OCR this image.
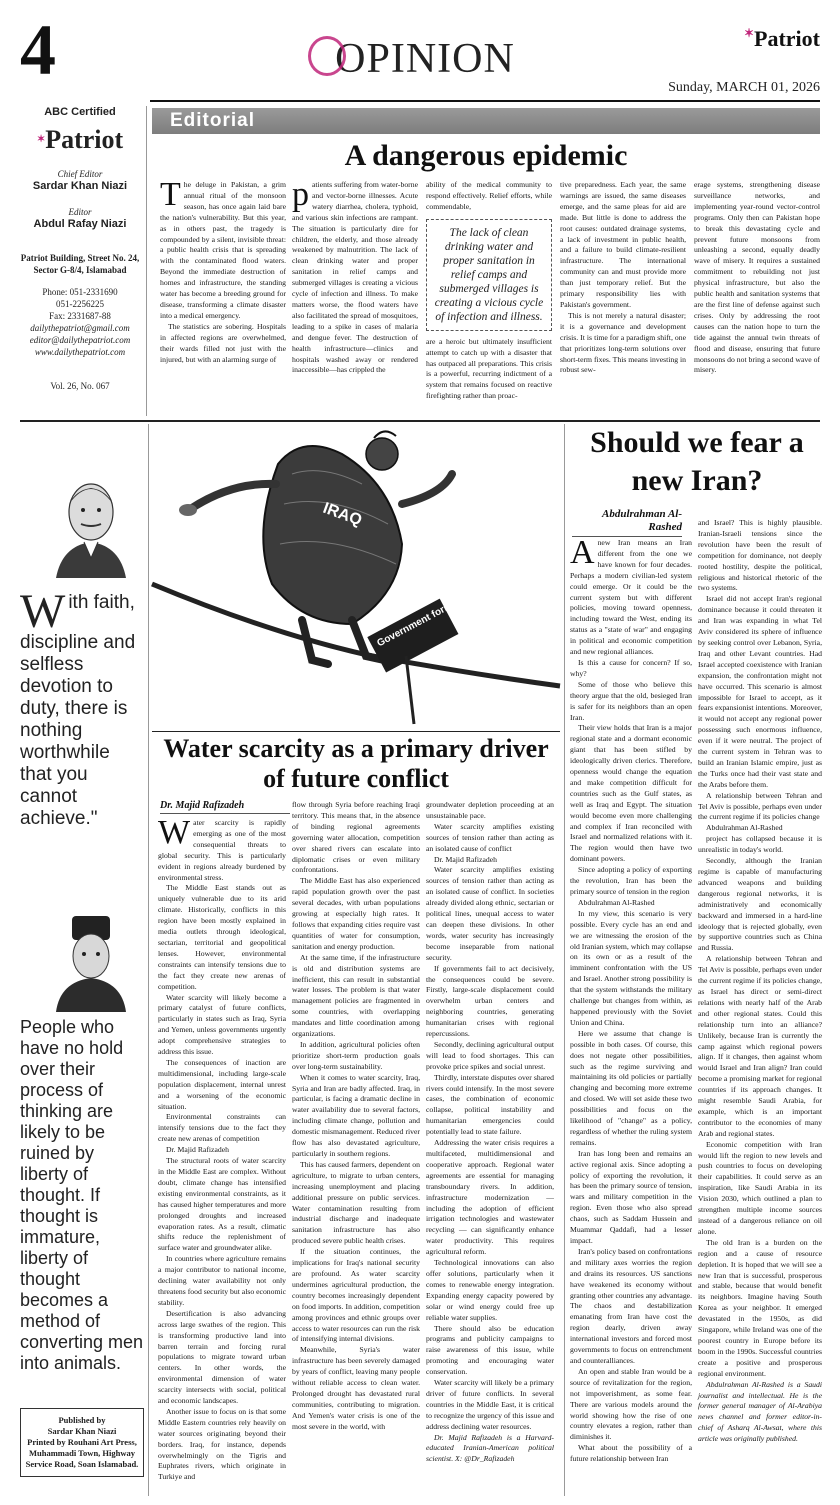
4	OPINION
✶Patriot
Sunday, MARCH 01, 2026
ABC Certified
✶Patriot
Chief Editor
Sardar Khan Niazi
Editor
Abdul Rafay Niazi
Patriot Building, Street No. 24, Sector G-8/4, Islamabad
Phone: 051-2331690
051-2256225
Fax: 2331687-88
dailythepatriot@gmail.com
editor@dailythepatriot.com
www.dailythepatriot.com
Vol. 26, No. 067
Editorial
A dangerous epidemic

The deluge in Pakistan, a grim annual ritual of the monsoon season, has once again laid bare the nation's vulnerability. But this year, as in others past, the tragedy is compounded by a silent, invisible threat: a public health crisis that is spreading with the contaminated flood waters. Beyond the immediate destruction of homes and infrastructure, the standing water has become a breeding ground for disease, transforming a climate disaster into a medical emergency.

The statistics are sobering. Hospitals in affected regions are overwhelmed, their wards filled not just with the injured, but with an alarming surge of

patients suffering from water-borne and vector-borne illnesses. Acute watery diarrhea, cholera, typhoid, and various skin infections are rampant. The situation is particularly dire for children, the elderly, and those already weakened by malnutrition. The lack of clean drinking water and proper sanitation in relief camps and submerged villages is creating a vicious cycle of infection and illness. To make matters worse, the flood waters have also facilitated the spread of mosquitoes, leading to a spike in cases of malaria and dengue fever. The destruction of health infrastructure—clinics and hospitals washed away or rendered inaccessible—has crippled the

ability of the medical community to respond effectively. Relief efforts, while commendable,

The lack of clean drinking water and proper sanitation in relief camps and submerged villages is creating a vicious cycle of infection and illness.

are a heroic but ultimately insufficient attempt to catch up with a disaster that has outpaced all preparations. This crisis is a powerful, recurring indictment of a system that remains focused on reactive firefighting rather than proac-

tive preparedness. Each year, the same warnings are issued, the same diseases emerge, and the same pleas for aid are made. But little is done to address the root causes: outdated drainage systems, a lack of investment in public health, and a failure to build climate-resilient infrastructure. The international community can and must provide more than just temporary relief. But the primary responsibility lies with Pakistan's government.

This is not merely a natural disaster; it is a governance and development crisis. It is time for a paradigm shift, one that prioritizes long-term solutions over short-term fixes. This means investing in robust sew-

erage systems, strengthening disease surveillance networks, and implementing year-round vector-control programs. Only then can Pakistan hope to break this devastating cycle and prevent future monsoons from unleashing a second, equally deadly wave of misery. It requires a sustained commitment to rebuilding not just physical infrastructure, but also the public health and sanitation systems that are the first line of defense against such crises. Only by addressing the root causes can the nation hope to turn the tide against the annual twin threats of flood and disease, ensuring that future monsoons do not bring a second wave of misery.

With faith, discipline and selfless devotion to duty, there is nothing worthwhile that you cannot achieve."
People who have no hold over their process of thinking are likely to be ruined by liberty of thought. If thought is immature, liberty of thought becomes a method of converting men into animals.
Published by
Sardar Khan Niazi
Printed by Rouhani Art Press, Muhammadi Town, Highway Service Road, Soan Islamabad.
IRAQ
Government formation
Water scarcity as a primary driver of future conflict
Dr. Majid Rafizadeh

Water scarcity is rapidly emerging as one of the most consequential threats to global security. This is particularly evident in regions already burdened by environmental stress.

The Middle East stands out as uniquely vulnerable due to its arid climate. Historically, conflicts in this region have been mostly explained in media outlets through ideological, sectarian, territorial and geopolitical lenses. However, environmental constraints can intensify tensions due to the fact they create new arenas of competition.

Water scarcity will likely become a primary catalyst of future conflicts, particularly in states such as Iraq, Syria and Yemen, unless governments urgently adopt comprehensive strategies to address this issue.

The consequences of inaction are multidimensional, including large-scale population displacement, internal unrest and a worsening of the economic situation.

Environmental constraints can intensify tensions due to the fact they create new arenas of competition

Dr. Majid Rafizadeh

The structural roots of water scarcity in the Middle East are complex. Without doubt, climate change has intensified existing environmental constraints, as it has caused higher temperatures and more prolonged droughts and increased evaporation rates. As a result, climatic shifts reduce the replenishment of surface water and groundwater alike.

In countries where agriculture remains a major contributor to national income, declining water availability not only threatens food security but also economic stability.

Desertification is also advancing across large swathes of the region. This is transforming productive land into barren terrain and forcing rural populations to migrate toward urban centers. In other words, the environmental dimension of water scarcity intersects with social, political and economic landscapes.

Another issue to focus on is that some Middle Eastern countries rely heavily on water sources originating beyond their borders. Iraq, for instance, depends overwhelmingly on the Tigris and Euphrates rivers, which originate in Turkiye and

flow through Syria before reaching Iraqi territory. This means that, in the absence of binding regional agreements governing water allocation, competition over shared rivers can escalate into diplomatic crises or even military confrontations.

The Middle East has also experienced rapid population growth over the past several decades, with urban populations growing at especially high rates. It follows that expanding cities require vast quantities of water for consumption, sanitation and energy production.

At the same time, if the infrastructure is old and distribution systems are inefficient, this can result in substantial water losses. The problem is that water management policies are fragmented in some countries, with overlapping mandates and little coordination among organizations.

In addition, agricultural policies often prioritize short-term production goals over long-term sustainability.

When it comes to water scarcity, Iraq, Syria and Iran are badly affected. Iraq, in particular, is facing a dramatic decline in water availability due to several factors, including climate change, pollution and domestic mismanagement. Reduced river flow has also devastated agriculture, particularly in southern regions.

This has caused farmers, dependent on agriculture, to migrate to urban centers, increasing unemployment and placing additional pressure on public services. Water contamination resulting from industrial discharge and inadequate sanitation infrastructure has also produced severe public health crises.

If the situation continues, the implications for Iraq's national security are profound. As water scarcity undermines agricultural production, the country becomes increasingly dependent on food imports. In addition, competition among provinces and ethnic groups over access to water resources can run the risk of intensifying internal divisions.

Meanwhile, Syria's water infrastructure has been severely damaged by years of conflict, leaving many people without reliable access to clean water. Prolonged drought has devastated rural communities, contributing to migration. And Yemen's water crisis is one of the most severe in the world, with

groundwater depletion proceeding at an unsustainable pace.

Water scarcity amplifies existing sources of tension rather than acting as an isolated cause of conflict

Dr. Majid Rafizadeh

Water scarcity amplifies existing sources of tension rather than acting as an isolated cause of conflict. In societies already divided along ethnic, sectarian or political lines, unequal access to water can deepen these divisions. In other words, water security has increasingly become inseparable from national security.

If governments fail to act decisively, the consequences could be severe. Firstly, large-scale displacement could overwhelm urban centers and neighboring countries, generating humanitarian crises with regional repercussions.

Secondly, declining agricultural output will lead to food shortages. This can provoke price spikes and social unrest.

Thirdly, interstate disputes over shared rivers could intensify. In the most severe cases, the combination of economic collapse, political instability and humanitarian emergencies could potentially lead to state failure.

Addressing the water crisis requires a multifaceted, multidimensional and cooperative approach. Regional water agreements are essential for managing transboundary rivers. In addition, infrastructure modernization — including the adoption of efficient irrigation technologies and wastewater recycling — can significantly enhance water productivity. This requires agricultural reform.

Technological innovations can also offer solutions, particularly when it comes to renewable energy integration. Expanding energy capacity powered by solar or wind energy could free up reliable water supplies.

There should also be education programs and publicity campaigns to raise awareness of this issue, while promoting and encouraging water conservation.

Water scarcity will likely be a primary driver of future conflicts. In several countries in the Middle East, it is critical to recognize the urgency of this issue and address declining water resources.

Dr. Majid Rafizadeh is a Harvard-educated Iranian-American political scientist. X: @Dr_Rafizadeh

Should we fear a new Iran?
Abdulrahman Al-Rashed

Anew Iran means an Iran different from the one we have known for four decades. Perhaps a modern civilian-led system could emerge. Or it could be the current system but with different policies, moving toward openness, including toward the West, ending its status as a "state of war" and engaging in political and economic competition and new regional alliances.

Is this a cause for concern? If so, why?

Some of those who believe this theory argue that the old, besieged Iran is safer for its neighbors than an open Iran.

Their view holds that Iran is a major regional state and a dormant economic giant that has been stifled by ideologically driven clerics. Therefore, openness would change the equation and make competition difficult for countries such as the Gulf states, as well as Iraq and Egypt. The situation would become even more challenging and complex if Iran reconciled with Israel and normalized relations with it. The region would then have two dominant powers.

Since adopting a policy of exporting the revolution, Iran has been the primary source of tension in the region

Abdulrahman Al-Rashed

In my view, this scenario is very possible. Every cycle has an end and we are witnessing the erosion of the old Iranian system, which may collapse on its own or as a result of the imminent confrontation with the US and Israel. Another strong possibility is that the system withstands the military challenge but changes from within, as happened previously with the Soviet Union and China.

Here we assume that change is possible in both cases. Of course, this does not negate other possibilities, such as the regime surviving and maintaining its old policies or partially changing and becoming more extreme and closed. We will set aside these two possibilities and focus on the likelihood of "change" as a policy, regardless of whether the ruling system remains.

Iran has long been and remains an active regional axis. Since adopting a policy of exporting the revolution, it has been the primary source of tension, wars and military competition in the region. Even those who also spread chaos, such as Saddam Hussein and Muammar Qaddafi, had a lesser impact.

Iran's policy based on confrontations and military axes worries the region and drains its resources. US sanctions have weakened its economy without granting other countries any advantage. The chaos and destabilization emanating from Iran have cost the region dearly, driven away international investors and forced most governments to focus on entrenchment and counteralliances.

An open and stable Iran would be a source of revitalization for the region, not impoverishment, as some fear. There are various models around the world showing how the rise of one country elevates a region, rather than diminishes it.

What about the possibility of a future relationship between Iran

and Israel? This is highly plausible. Iranian-Israeli tensions since the revolution have been the result of competition for dominance, not deeply rooted hostility, despite the political, religious and historical rhetoric of the two systems.

Israel did not accept Iran's regional dominance because it could threaten it and Iran was expanding in what Tel Aviv considered its sphere of influence by seeking control over Lebanon, Syria, Iraq and other Levant countries. Had Israel accepted coexistence with Iranian expansion, the confrontation might not have occurred. This scenario is almost impossible for Israel to accept, as it fears expansionist intentions. Moreover, it would not accept any regional power possessing such enormous influence, even if it were neutral. The project of the current system in Tehran was to build an Iranian Islamic empire, just as the Turks once had their vast state and the Arabs before them.

A relationship between Tehran and Tel Aviv is possible, perhaps even under the current regime if its policies change

Abdulrahman Al-Rashed

project has collapsed because it is unrealistic in today's world.

Secondly, although the Iranian regime is capable of manufacturing advanced weapons and building dangerous regional networks, it is administratively and economically backward and immersed in a hard-line ideology that is rejected globally, even by supportive countries such as China and Russia.

A relationship between Tehran and Tel Aviv is possible, perhaps even under the current regime if its policies change, as Israel has direct or semi-direct relations with nearly half of the Arab and other regional states. Could this relationship turn into an alliance? Unlikely, because Iran is currently the camp against which regional powers align. If it changes, then against whom would Israel and Iran align? Iran could become a promising market for regional countries if its approach changes. It might resemble Saudi Arabia, for example, which is an important contributor to the economies of many Arab and regional states.

Economic competition with Iran would lift the region to new levels and push countries to focus on developing their capabilities. It could serve as an inspiration, like Saudi Arabia in its Vision 2030, which outlined a plan to strengthen multiple income sources instead of a dangerous reliance on oil alone.

The old Iran is a burden on the region and a cause of resource depletion. It is hoped that we will see a new Iran that is successful, prosperous and stable, because that would benefit its neighbors. Imagine having South Korea as your neighbor. It emerged devastated in the 1950s, as did Singapore, while Ireland was one of the poorest country in Europe before its boom in the 1990s. Successful countries create a positive and prosperous regional environment.

Abdulrahman Al-Rashed is a Saudi journalist and intellectual. He is the former general manager of Al-Arabiya news channel and former editor-in-chief of Asharq Al-Awsat, where this article was originally published.
